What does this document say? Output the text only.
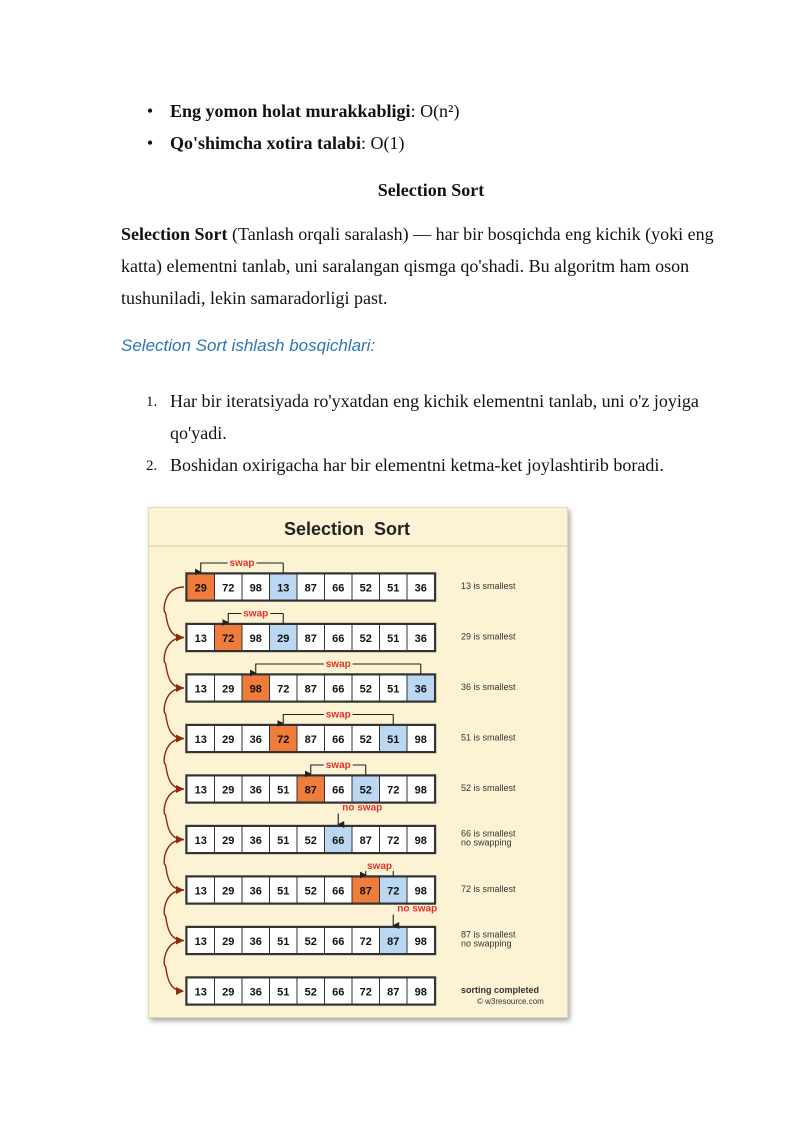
• Eng yomon holat murakkabligi: O(n²)
• Qo'shimcha xotira talabi: O(1)
Selection Sort
Selection Sort (Tanlash orqali saralash) — har bir bosqichda eng kichik (yoki eng katta) elementni tanlab, uni saralangan qismga qo'shadi. Bu algoritm ham oson tushuniladi, lekin samaradorligi past.
Selection Sort ishlash bosqichlari:
1. Har bir iteratsiyada ro'yxatdan eng kichik elementni tanlab, uni o'z joyiga qo'yadi.
2. Boshidan oxirigacha har bir elementni ketma-ket joylashtirib boradi.
Selection  Sort
29 72 98 13 87 66 52 51 36
swap
13 is smallest
13 72 98 29 87 66 52 51 36
swap
29 is smallest
13 29 98 72 87 66 52 51 36
swap
36 is smallest
13 29 36 72 87 66 52 51 98
swap
51 is smallest
13 29 36 51 87 66 52 72 98
swap
52 is smallest
13 29 36 51 52 66 87 72 98
no swap
66 is smallest
no swapping
13 29 36 51 52 66 87 72 98
swap
72 is smallest
13 29 36 51 52 66 72 87 98
no swap
87 is smallest
no swapping
13 29 36 51 52 66 72 87 98	sorting completed
© w3resource.com
